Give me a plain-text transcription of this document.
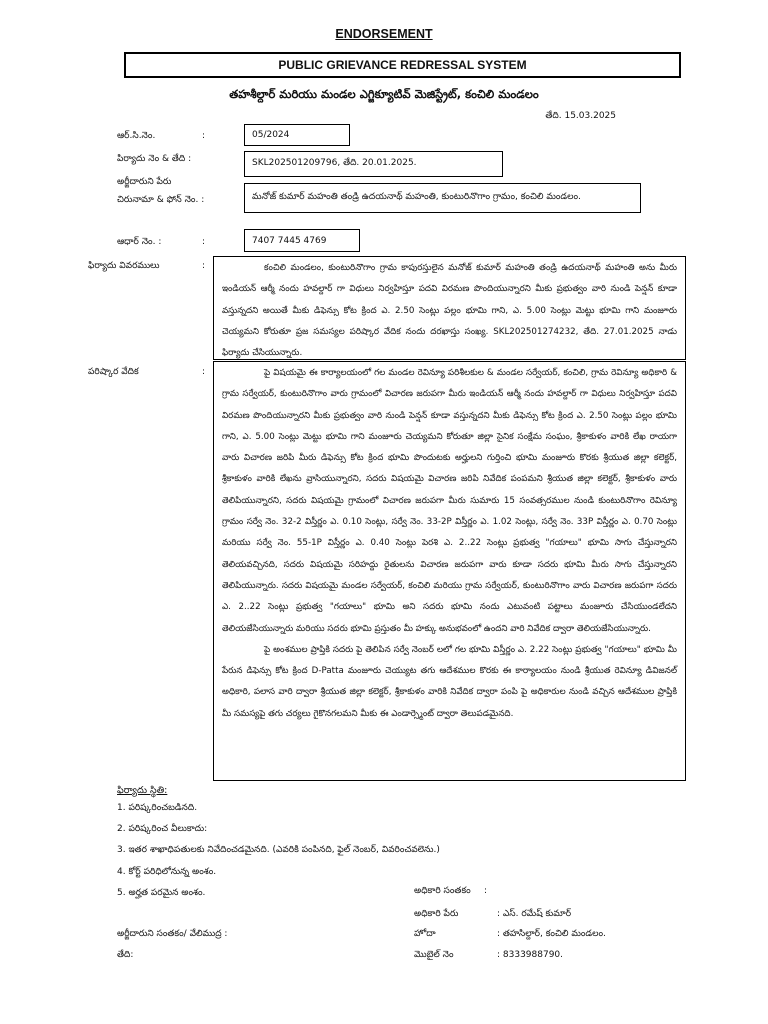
ENDORSEMENT
PUBLIC GRIEVANCE REDRESSAL SYSTEM
తహశీల్దార్ మరియు మండల ఎగ్జిక్యూటివ్ మెజిస్ట్రేట్, కంచిలి మండలం
తేది. 15.03.2025
ఆర్.సి.నెం.	:	05/2024
పిర్యాదు నెం & తేది :	SKL202501209796, తేది. 20.01.2025.
అర్జీదారుని పేరు
చిరునామా & ఫోన్ నెం. :	మనోజ్ కుమార్ మహంతి తండ్రి ఉదయనాథ్ మహంతి, కుంటురినొగాం గ్రామం, కంచిలి మండలం.
ఆధార్ నెం. :	:	7407 7445 4769
ఫిర్యాదు వివరములు	:	కంచిలి మండలం, కుంటురినొగాం గ్రామ కాపురస్తులైన మనోజ్ కుమార్ మహంతి తండ్రి ఉదయనాథ్ మహంతి అను మీరు ఇండియన్ ఆర్మీ నందు హవల్దార్ గా విధులు నిర్వహిస్తూ పదవి విరమణ పొందియున్నారని మీకు ప్రభుత్వం వారి నుండి పెన్షన్ కూడా వస్తున్నదని అయితే మీకు డిఫెన్సు కోట క్రింద ఎ. 2.50 సెంట్లు పల్లం భూమి గాని, ఎ. 5.00 సెంట్లు మెట్టు భూమి గాని మంజూరు చెయ్యమని కోరుతూ ప్రజ సమస్యల పరిష్కార వేదిక నందు దరఖాస్తు సంఖ్య. SKL202501274232, తేది. 27.01.2025 నాడు ఫిర్యాదు చేసియున్నారు.

పరిష్కార వేదిక	:	పై విషయమై ఈ కార్యాలయంలో గల మండల రెవిన్యూ పరిశీలకుల & మండల సర్వేయర్, కంచిలి, గ్రామ రెవిన్యూ అధికారి & గ్రామ సర్వేయర్, కుంటురినొగాం వారు గ్రామంలో విచారణ జరుపగా మీరు ఇండియన్ ఆర్మీ నందు హవల్దార్ గా విధులు నిర్వహిస్తూ పదవి విరమణ పొందియున్నారని మీకు ప్రభుత్వం వారి నుండి పెన్షన్ కూడా వస్తున్నదని మీకు డిఫెన్సు కోట క్రింద ఎ. 2.50 సెంట్లు పల్లం భూమి గాని, ఎ. 5.00 సెంట్లు మెట్టు భూమి గాని మంజూరు చెయ్యమని కోరుతూ జిల్లా సైనిక సంక్షేమ సంఘం, శ్రీకాకుళం వారికి లేఖ రాయగా వారు విచారణ జరిపి మీరు డిఫెన్సు కోట క్రింద భూమి పొందుటకు అర్హులని గుర్తించి భూమి మంజూరు కొరకు శ్రీయుత జిల్లా కలెక్టర్, శ్రీకాకుళం వారికి లేఖను వ్రాసియున్నారని, సదరు విషయమై విచారణ జరిపి నివేదిక పంపమని శ్రీయుత జిల్లా కలెక్టర్, శ్రీకాకుళం వారు తెలిపియున్నారని, సదరు విషయమై గ్రామంలో విచారణ జరుపగా మీరు సుమారు 15 సంవత్సరముల నుండి కుంటురినొగాం రెవిన్యూ గ్రామం సర్వే నెం. 32-2 విస్తీర్ణం ఎ. 0.10 సెంట్లు, సర్వే నెం. 33-2P విస్తీర్ణం ఎ. 1.02 సెంట్లు, సర్వే నెం. 33P విస్తీర్ణం ఎ. 0.70 సెంట్లు మరియు సర్వే నెం. 55-1P విస్తీర్ణం ఎ. 0.40 సెంట్లు పెరశి ఎ. 2..22 సెంట్లు ప్రభుత్వ "గయాలు" భూమి సాగు చేస్తున్నారని తెలియవచ్చినది, సదరు విషయమై సరిహద్దు రైతులను విచారణ జరుపగా వారు కూడా సదరు భూమి మీరు సాగు చేస్తున్నారని తెలిపియున్నారు. సదరు విషయమై మండల సర్వేయర్, కంచిలి మరియు గ్రామ సర్వేయర్, కుంటురినొగాం వారు విచారణ జరుపగా సదరు ఎ. 2..22 సెంట్లు ప్రభుత్వ "గయాలు" భూమి అని సదరు భూమి నందు ఎటువంటి పట్టాలు మంజూరు చేసియుండలేదని తెలియజేసియున్నారు మరియు సదరు భూమి ప్రస్తుతం మీ హక్కు అనుభవంలో ఉందని వారి నివేదిక ద్వారా తెలియజేసియున్నారు.

పై అంశముల ప్రాప్తికి సదరు పై తెలిపిన సర్వే నెంబర్ లలో గల భూమి విస్తీర్ణం ఎ. 2.22 సెంట్లు ప్రభుత్వ "గయాలు" భూమి మీ పేరున డిఫెన్సు కోట క్రింద D-Patta మంజూరు చెయ్యుట తగు ఆదేశముల కొరకు ఈ కార్యాలయం నుండి శ్రీయుత రెవిన్యూ డివిజనల్ అధికారి, పలాస వారి ద్వారా శ్రీయుత జిల్లా కలెక్టర్, శ్రీకాకుళం వారికి నివేదిక ద్వారా పంపి పై అధికారుల నుండి వచ్చిన ఆదేశముల ప్రాప్తికి మీ సమస్యపై తగు చర్యలు గైకొనగలమని మీకు ఈ ఎండార్స్మెంట్ ద్వారా తెలుపడమైనది.

ఫిర్యాదు స్థితి:
1. పరిష్కరించబడినది.
2. పరిష్కరించ వీలుకాదు:
3. ఇతర శాఖాధిపతులకు నివేదించడమైనది. (ఎవరికి పంపినది, ఫైల్ నెంబర్, వివరించవలెను.)
4. కోర్ట్ పరిధిలోనున్న అంశం.
5. అర్హత పరమైన అంశం.	అధికారి సంతకం :
అధికారి పేరు	: ఎస్. రమేష్ కుమార్
అర్జీదారుని సంతకం/ వేలిముద్ర :	హోదా	: తహసిల్దార్, కంచిలి మండలం.
తేది:	మొబైల్ నెం	: 8333988790.
